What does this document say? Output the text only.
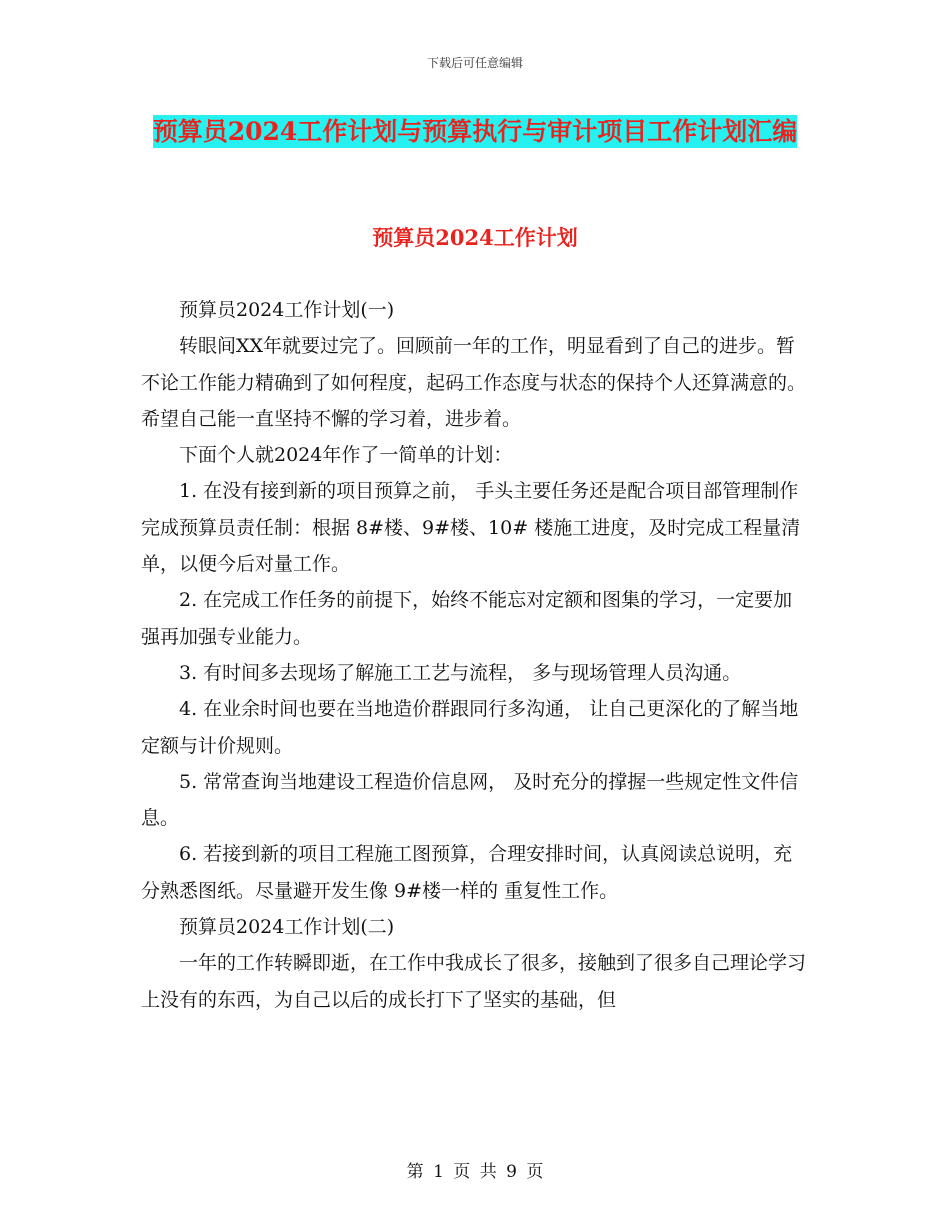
下载后可任意编辑
预算员2024工作计划与预算执行与审计项目工作计划汇编
预算员2024工作计划

预算员2024工作计划(一)

转眼间XX年就要过完了。回顾前一年的工作，明显看到了自己的进步。暂不论工作能力精确到了如何程度，起码工作态度与状态的保持个人还算满意的。希望自己能一直坚持不懈的学习着，进步着。

下面个人就2024年作了一简单的计划：

1. 在没有接到新的项目预算之前， 手头主要任务还是配合项目部管理制作完成预算员责任制：根据 8#楼、9#楼、10# 楼施工进度，及时完成工程量清单，以便今后对量工作。

2. 在完成工作任务的前提下，始终不能忘对定额和图集的学习，一定要加强再加强专业能力。

3. 有时间多去现场了解施工工艺与流程， 多与现场管理人员沟通。

4. 在业余时间也要在当地造价群跟同行多沟通， 让自己更深化的了解当地定额与计价规则。

5. 常常查询当地建设工程造价信息网， 及时充分的撑握一些规定性文件信息。

6. 若接到新的项目工程施工图预算，合理安排时间，认真阅读总说明，充分熟悉图纸。尽量避开发生像 9#楼一样的 重复性工作。

预算员2024工作计划(二)

一年的工作转瞬即逝，在工作中我成长了很多，接触到了很多自己理论学习上没有的东西，为自己以后的成长打下了坚实的基础，但

第 1 页 共 9 页
